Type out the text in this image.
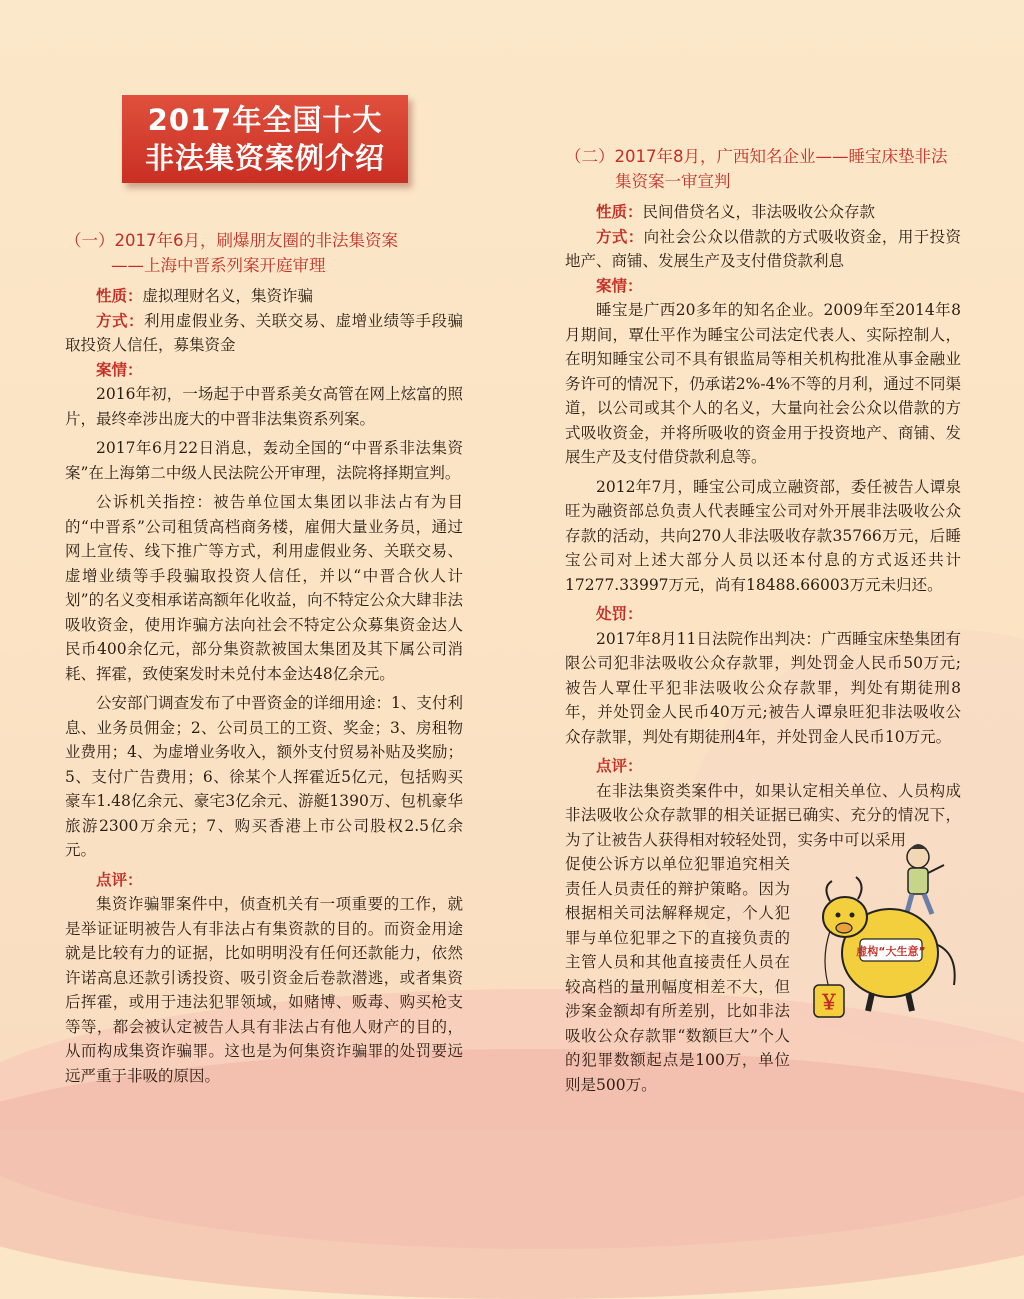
2017年全国十大
非法集资案例介绍
（一）2017年6月，刷爆朋友圈的非法集资案
——上海中晋系列案开庭审理

性质：虚拟理财名义，集资诈骗

方式：利用虚假业务、关联交易、虚增业绩等手段骗取投资人信任，募集资金

案情：

2016年初，一场起于中晋系美女高管在网上炫富的照片，最终牵涉出庞大的中晋非法集资系列案。

2017年6月22日消息，轰动全国的“中晋系非法集资案”在上海第二中级人民法院公开审理，法院将择期宣判。

公诉机关指控：被告单位国太集团以非法占有为目的“中晋系”公司租赁高档商务楼，雇佣大量业务员，通过网上宣传、线下推广等方式，利用虚假业务、关联交易、虚增业绩等手段骗取投资人信任，并以“中晋合伙人计划”的名义变相承诺高额年化收益，向不特定公众大肆非法吸收资金，使用诈骗方法向社会不特定公众募集资金达人民币400余亿元，部分集资款被国太集团及其下属公司消耗、挥霍，致使案发时未兑付本金达48亿余元。

公安部门调查发布了中晋资金的详细用途：1、支付利息、业务员佣金；2、公司员工的工资、奖金；3、房租物业费用；4、为虚增业务收入，额外支付贸易补贴及奖励；5、支付广告费用；6、徐某个人挥霍近5亿元，包括购买豪车1.48亿余元、豪宅3亿余元、游艇1390万、包机豪华旅游2300万余元；7、购买香港上市公司股权2.5亿余元。

点评：

集资诈骗罪案件中，侦查机关有一项重要的工作，就是举证证明被告人有非法占有集资款的目的。而资金用途就是比较有力的证据，比如明明没有任何还款能力，依然许诺高息还款引诱投资、吸引资金后卷款潜逃，或者集资后挥霍，或用于违法犯罪领域，如赌博、贩毒、购买枪支等等，都会被认定被告人具有非法占有他人财产的目的，从而构成集资诈骗罪。这也是为何集资诈骗罪的处罚要远远严重于非吸的原因。

（二）2017年8月，广西知名企业——睡宝床垫非法
集资案一审宣判

性质：民间借贷名义，非法吸收公众存款

方式：向社会公众以借款的方式吸收资金，用于投资地产、商铺、发展生产及支付借贷款利息

案情：

睡宝是广西20多年的知名企业。2009年至2014年8月期间，覃仕平作为睡宝公司法定代表人、实际控制人，在明知睡宝公司不具有银监局等相关机构批准从事金融业务许可的情况下，仍承诺2%-4%不等的月利，通过不同渠道，以公司或其个人的名义，大量向社会公众以借款的方式吸收资金，并将所吸收的资金用于投资地产、商铺、发展生产及支付借贷款利息等。

2012年7月，睡宝公司成立融资部，委任被告人谭泉旺为融资部总负责人代表睡宝公司对外开展非法吸收公众存款的活动，共向270人非法吸收存款35766万元，后睡宝公司对上述大部分人员以还本付息的方式返还共计17277.33997万元，尚有18488.66003万元未归还。

处罚：

2017年8月11日法院作出判决：广西睡宝床垫集团有限公司犯非法吸收公众存款罪，判处罚金人民币50万元;被告人覃仕平犯非法吸收公众存款罪，判处有期徒刑8年，并处罚金人民币40万元;被告人谭泉旺犯非法吸收公众存款罪，判处有期徒刑4年，并处罚金人民币10万元。

点评：

在非法集资类案件中，如果认定相关单位、人员构成非法吸收公众存款罪的相关证据已确实、充分的情况下，为了让被告人获得相对较轻处罚，实务中可以采用

促使公诉方以单位犯罪追究相关责任人员责任的辩护策略。因为根据相关司法解释规定，个人犯罪与单位犯罪之下的直接负责的主管人员和其他直接责任人员在较高档的量刑幅度相差不大，但涉案金额却有所差别，比如非法吸收公众存款罪“数额巨大”个人的犯罪数额起点是100万，单位则是500万。

虚构“大生意”
￥
